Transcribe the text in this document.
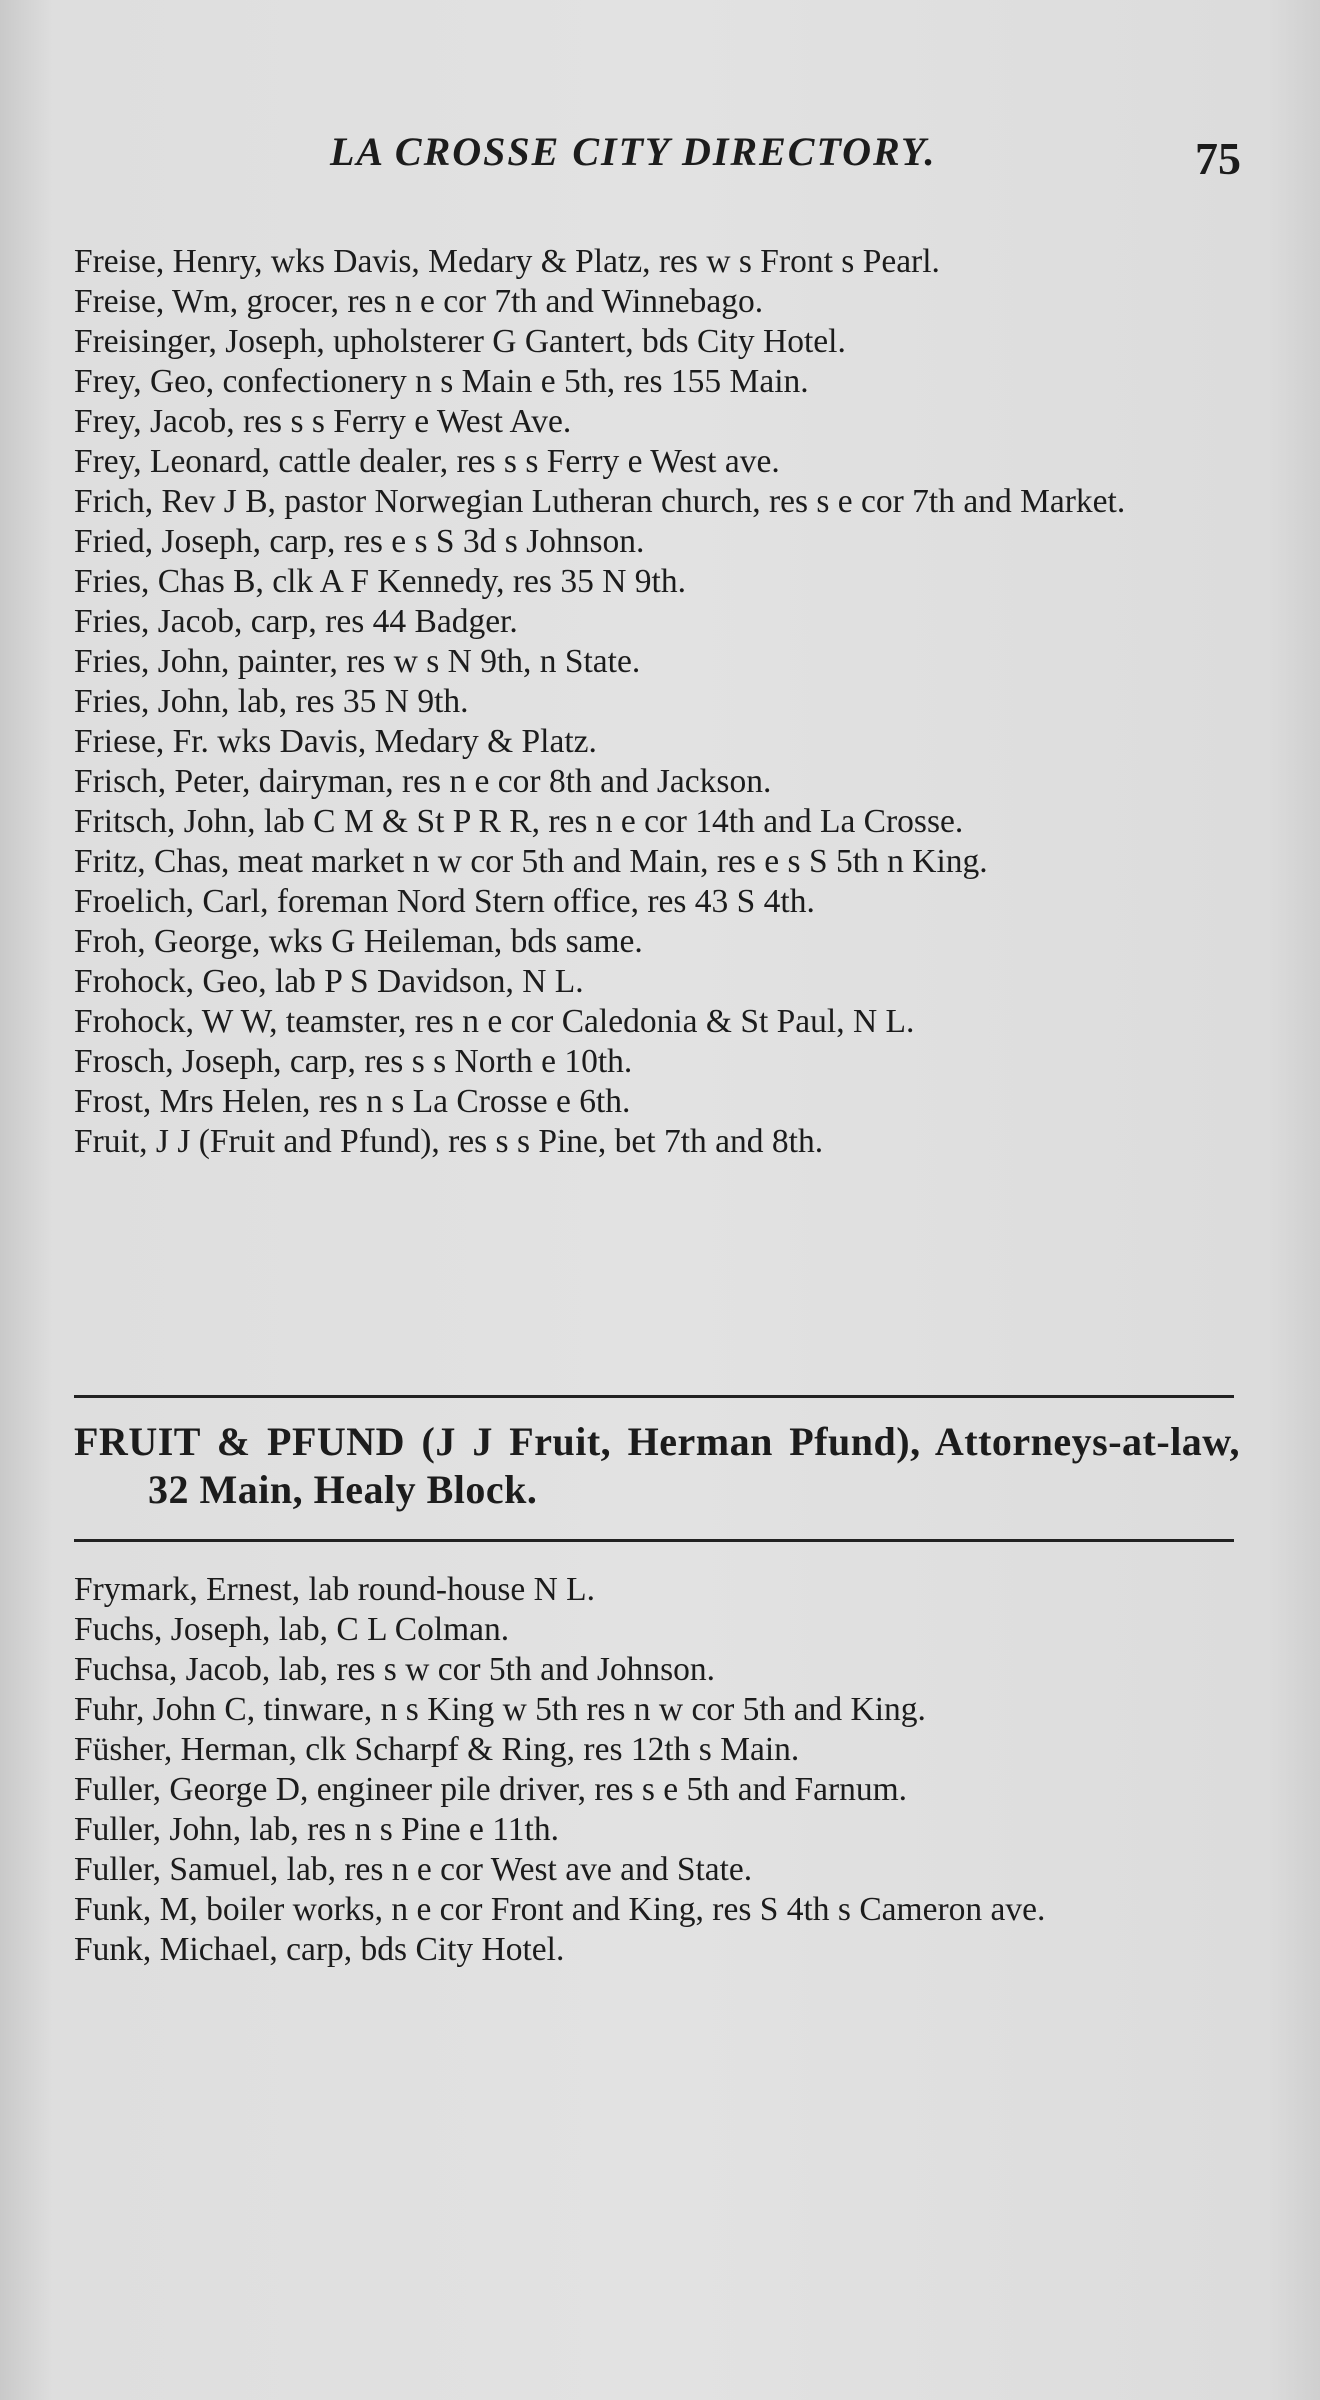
LA CROSSE CITY DIRECTORY.	75
Freise, Henry, wks Davis, Medary & Platz, res w s Front s Pearl.
Freise, Wm, grocer, res n e cor 7th and Winnebago.
Freisinger, Joseph, upholsterer G Gantert, bds City Hotel.
Frey, Geo, confectionery n s Main e 5th, res 155 Main.
Frey, Jacob, res s s Ferry e West Ave.
Frey, Leonard, cattle dealer, res s s Ferry e West ave.
Frich, Rev J B, pastor Norwegian Lutheran church, res s e cor 7th and Market.
Fried, Joseph, carp, res e s S 3d s Johnson.
Fries, Chas B, clk A F Kennedy, res 35 N 9th.
Fries, Jacob, carp, res 44 Badger.
Fries, John, painter, res w s N 9th, n State.
Fries, John, lab, res 35 N 9th.
Friese, Fr. wks Davis, Medary & Platz.
Frisch, Peter, dairyman, res n e cor 8th and Jackson.
Fritsch, John, lab C M & St P R R, res n e cor 14th and La Crosse.
Fritz, Chas, meat market n w cor 5th and Main, res e s S 5th n King.
Froelich, Carl, foreman Nord Stern office, res 43 S 4th.
Froh, George, wks G Heileman, bds same.
Frohock, Geo, lab P S Davidson, N L.
Frohock, W W, teamster, res n e cor Caledonia & St Paul, N L.
Frosch, Joseph, carp, res s s North e 10th.
Frost, Mrs Helen, res n s La Crosse e 6th.
Fruit, J J (Fruit and Pfund), res s s Pine, bet 7th and 8th.
FRUIT & PFUND (J J Fruit, Herman Pfund), Attorneys-at-law, 32 Main, Healy Block.
Frymark, Ernest, lab round-house N L.
Fuchs, Joseph, lab, C L Colman.
Fuchsa, Jacob, lab, res s w cor 5th and Johnson.
Fuhr, John C, tinware, n s King w 5th res n w cor 5th and King.
Füsher, Herman, clk Scharpf & Ring, res 12th s Main.
Fuller, George D, engineer pile driver, res s e 5th and Farnum.
Fuller, John, lab, res n s Pine e 11th.
Fuller, Samuel, lab, res n e cor West ave and State.
Funk, M, boiler works, n e cor Front and King, res S 4th s Cameron ave.
Funk, Michael, carp, bds City Hotel.
